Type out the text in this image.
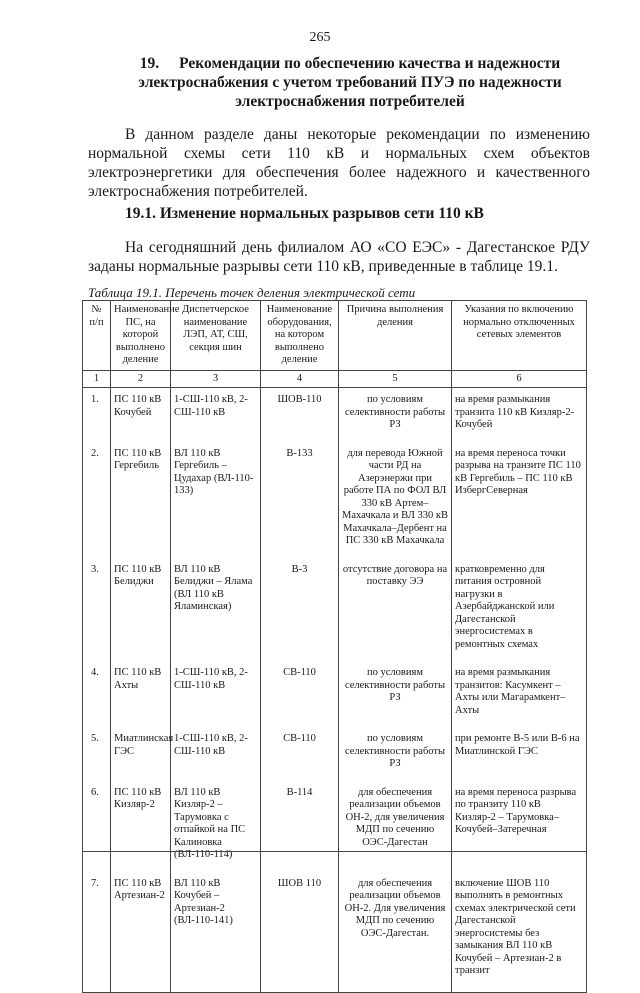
265
19. Рекомендации по обеспечению качества и надежности электроснабжения с учетом требований ПУЭ по надежности электроснабжения потребителей
В данном разделе даны некоторые рекомендации по изменению нормальной схемы сети 110 кВ и нормальных схем объектов электроэнергетики для обеспечения более надежного и качественного электроснабжения потребителей.
19.1. Изменение нормальных разрывов сети 110 кВ
На сегодняшний день филиалом АО «СО ЕЭС» - Дагестанское РДУ заданы нормальные разрывы сети 110 кВ, приведенные в таблице 19.1.
Таблица 19.1. Перечень точек деления электрической сети
№ п/п	Наименование ПС, на которой выполнено деление	Диспетчерское наименование ЛЭП, АТ, СШ, секция шин	Наименование оборудования, на котором выполнено деление	Причина выполнения деления	Указания по включению нормально отключенных сетевых элементов
1	2	3	4	5	6
1.	ПС 110 кВ Кочубей	1-СШ-110 кВ, 2-СШ-110 кВ	ШОВ-110	по условиям селективности работы РЗ	на время размыкания транзита 110 кВ Кизляр-2-Кочубей
2.	ПС 110 кВ Гергебиль	ВЛ 110 кВ Гергебиль – Цудахар (ВЛ-110-133)	В-133	для перевода Южной части РД на Азерэнержи при работе ПА по ФОЛ ВЛ 330 кВ Артем–Махачкала и ВЛ 330 кВ Махачкала–Дербент на ПС 330 кВ Махачкала	на время переноса точки разрыва на транзите ПС 110 кВ Гергебиль – ПС 110 кВ ИзбергСеверная
3.	ПС 110 кВ Белиджи	ВЛ 110 кВ Белиджи – Ялама (ВЛ 110 кВ Яламинская)	В-3	отсутствие договора на поставку ЭЭ	кратковременно для питания островной нагрузки в Азербайджанской или Дагестанской энергосистемах в ремонтных схемах
4.	ПС 110 кВ Ахты	1-СШ-110 кВ, 2-СШ-110 кВ	СВ-110	по условиям селективности работы РЗ	на время размыкания транзитов: Касумкент – Ахты или Магарамкент– Ахты
5.	Миатлинская ГЭС	1-СШ-110 кВ, 2-СШ-110 кВ	СВ-110	по условиям селективности работы РЗ	при ремонте В-5 или В-6 на Миатлинской ГЭС
6.	ПС 110 кВ Кизляр-2	ВЛ 110 кВ Кизляр-2 – Тарумовка с отпайкой на ПС Калиновка (ВЛ-110-114)	В-114	для обеспечения реализации объемов ОН-2, для увеличения МДП по сечению ОЭС-Дагестан	на время переноса разрыва по транзиту 110 кВ Кизляр-2 – Тарумовка–Кочубей–Затеречная
7.	ПС 110 кВ Артезиан-2	ВЛ 110 кВ Кочубей – Артезиан-2 (ВЛ-110-141)	ШОВ 110	для обеспечения реализации объемов ОН-2. Для увеличения МДП по сечению ОЭС-Дагестан.	включение ШОВ 110 выполнять в ремонтных схемах электрической сети Дагестанской энергосистемы без замыкания ВЛ 110 кВ Кочубей – Артезиан-2 в транзит
